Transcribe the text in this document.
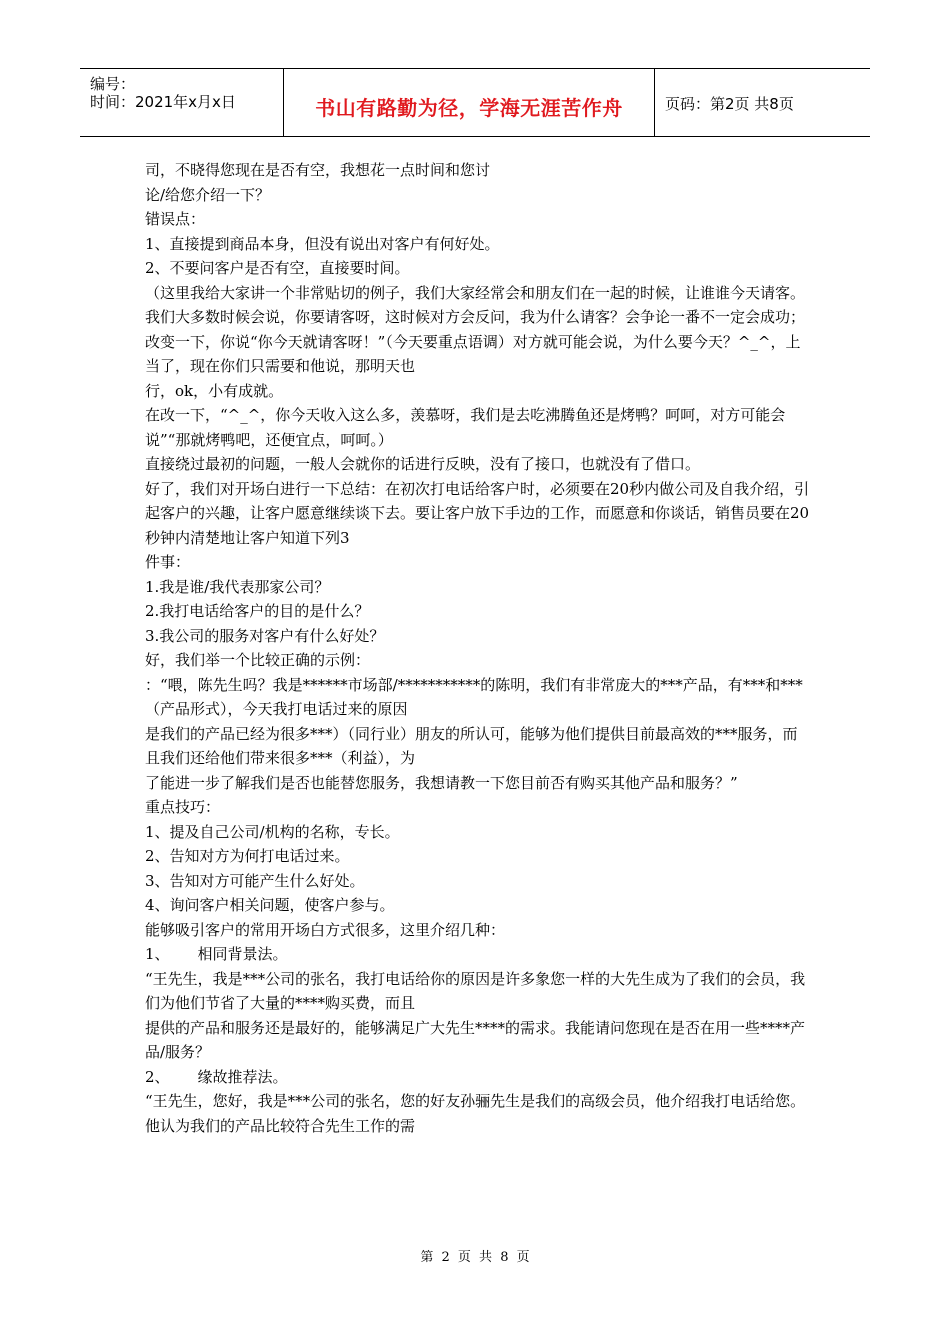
编号：
时间：2021年x月x日	书山有路勤为径，学海无涯苦作舟	页码：第2页 共8页

司，不晓得您现在是否有空，我想花一点时间和您讨

论/给您介绍一下？

错误点：

1、直接提到商品本身，但没有说出对客户有何好处。

2、不要问客户是否有空，直接要时间。

（这里我给大家讲一个非常贴切的例子，我们大家经常会和朋友们在一起的时候，让谁谁今天请客。

我们大多数时候会说，你要请客呀，这时候对方会反问，我为什么请客？会争论一番不一定会成功；

改变一下，你说“你今天就请客呀！”（今天要重点语调）对方就可能会说，为什么要今天？^_^，上当了，现在你们只需要和他说，那明天也

行，ok，小有成就。

在改一下，“^_^，你今天收入这么多，羡慕呀，我们是去吃沸腾鱼还是烤鸭？呵呵，对方可能会说”“那就烤鸭吧，还便宜点，呵呵。）

直接绕过最初的问题，一般人会就你的话进行反映，没有了接口，也就没有了借口。

好了，我们对开场白进行一下总结：在初次打电话给客户时，必须要在20秒内做公司及自我介绍，引起客户的兴趣，让客户愿意继续谈下去。要让客户放下手边的工作，而愿意和你谈话，销售员要在20秒钟内清楚地让客户知道下列3

件事：

1.我是谁/我代表那家公司？

2.我打电话给客户的目的是什么？

3.我公司的服务对客户有什么好处？

好，我们举一个比较正确的示例：

：“喂，陈先生吗？我是******市场部/***********的陈明，我们有非常庞大的***产品，有***和***（产品形式），今天我打电话过来的原因

是我们的产品已经为很多***）（同行业）朋友的所认可，能够为他们提供目前最高效的***服务，而且我们还给他们带来很多***（利益），为

了能进一步了解我们是否也能替您服务，我想请教一下您目前否有购买其他产品和服务？”

重点技巧：

1、提及自己公司/机构的名称，专长。

2、告知对方为何打电话过来。

3、告知对方可能产生什么好处。

4、询问客户相关问题，使客户参与。

能够吸引客户的常用开场白方式很多，这里介绍几种：

1、 相同背景法。

“王先生，我是***公司的张名，我打电话给你的原因是许多象您一样的大先生成为了我们的会员，我们为他们节省了大量的****购买费，而且

提供的产品和服务还是最好的，能够满足广大先生****的需求。我能请问您现在是否在用一些****产品/服务？

2、 缘故推荐法。

“王先生，您好，我是***公司的张名，您的好友孙骊先生是我们的高级会员，他介绍我打电话给您。他认为我们的产品比较符合先生工作的需

第 2 页 共 8 页
